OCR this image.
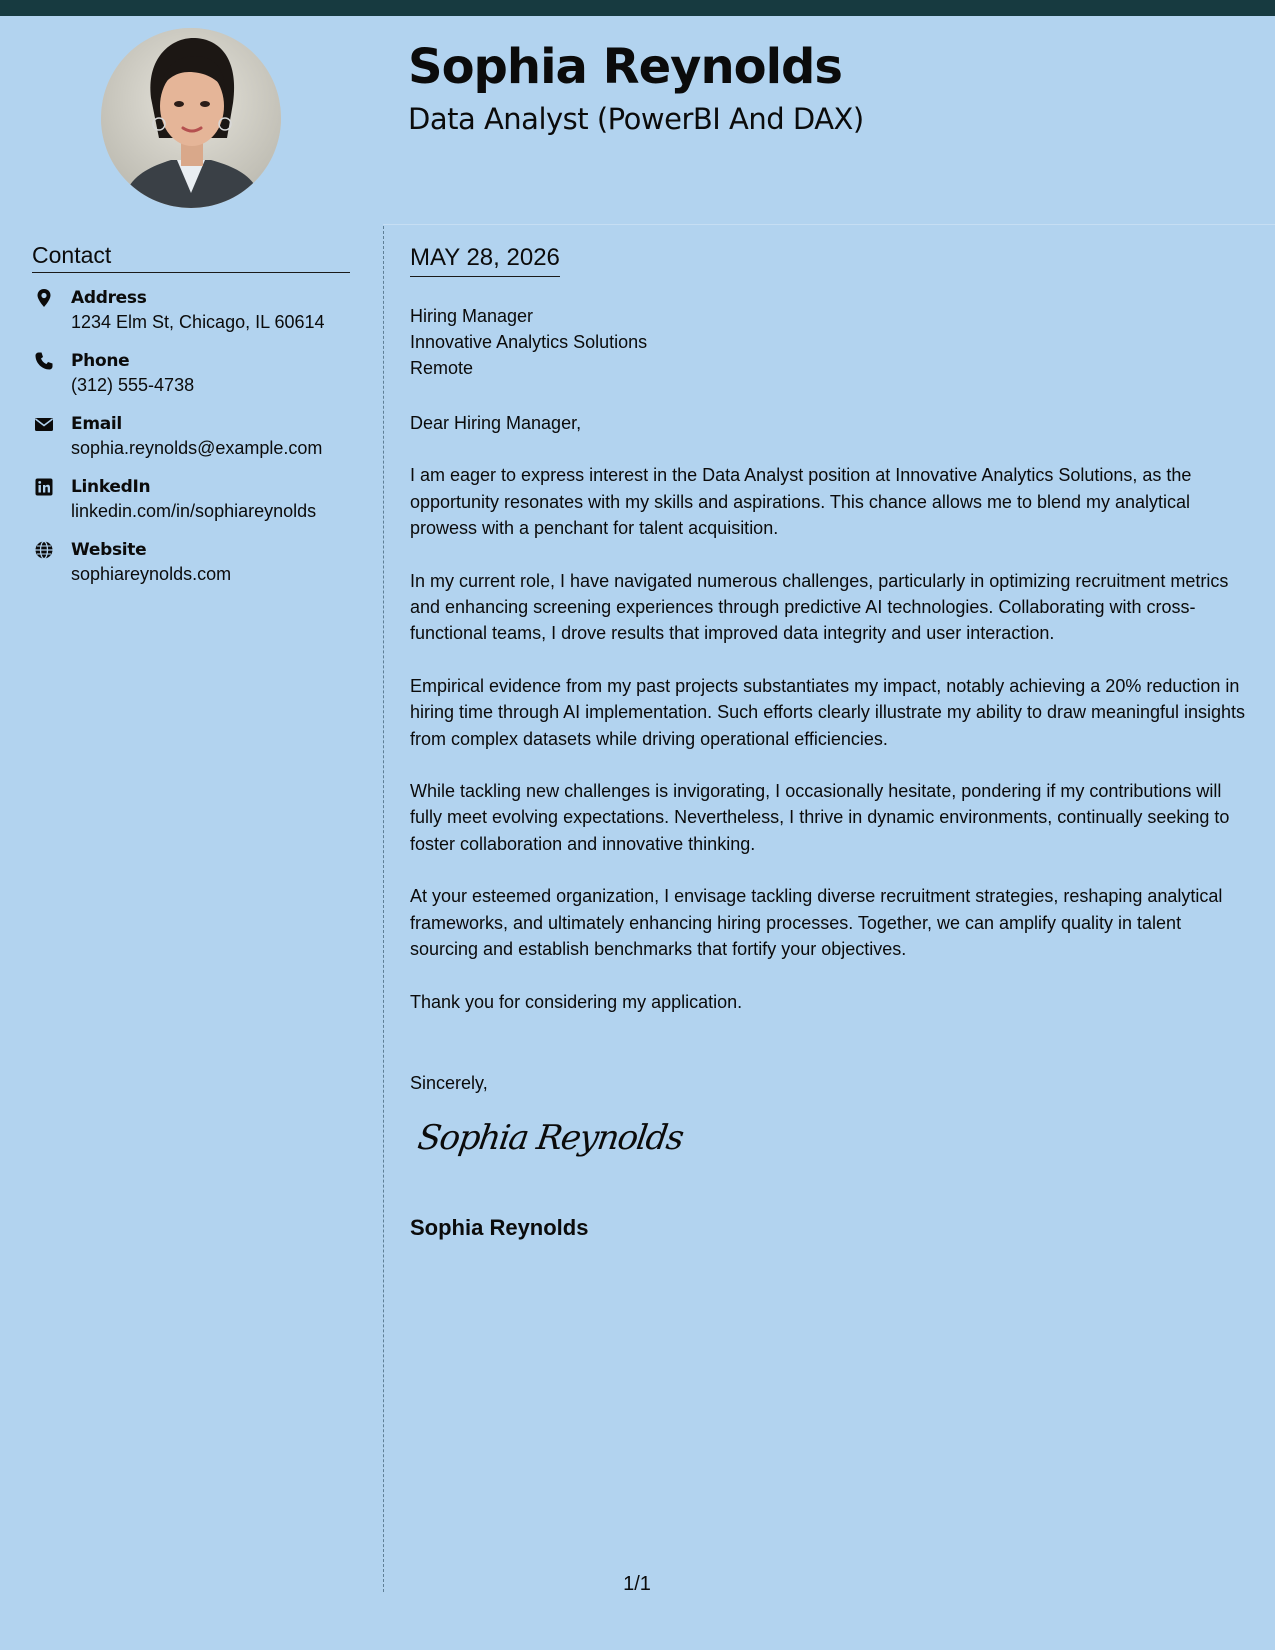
Sophia Reynolds
Data Analyst (PowerBI And DAX)
Contact
Address
1234 Elm St, Chicago, IL 60614
Phone
(312) 555-4738
Email
sophia.reynolds@example.com
LinkedIn
linkedin.com/in/sophiareynolds
Website
sophiareynolds.com
MAY 28, 2026
Hiring Manager
Innovative Analytics Solutions
Remote

Dear Hiring Manager,

I am eager to express interest in the Data Analyst position at Innovative Analytics Solutions, as the opportunity resonates with my skills and aspirations. This chance allows me to blend my analytical prowess with a penchant for talent acquisition.

In my current role, I have navigated numerous challenges, particularly in optimizing recruitment metrics and enhancing screening experiences through predictive AI technologies. Collaborating with cross-functional teams, I drove results that improved data integrity and user interaction.

Empirical evidence from my past projects substantiates my impact, notably achieving a 20% reduction in hiring time through AI implementation. Such efforts clearly illustrate my ability to draw meaningful insights from complex datasets while driving operational efficiencies.

While tackling new challenges is invigorating, I occasionally hesitate, pondering if my contributions will fully meet evolving expectations. Nevertheless, I thrive in dynamic environments, continually seeking to foster collaboration and innovative thinking.

At your esteemed organization, I envisage tackling diverse recruitment strategies, reshaping analytical frameworks, and ultimately enhancing hiring processes. Together, we can amplify quality in talent sourcing and establish benchmarks that fortify your objectives.

Thank you for considering my application.

Sincerely,
Sophia Reynolds
Sophia Reynolds
1/1
